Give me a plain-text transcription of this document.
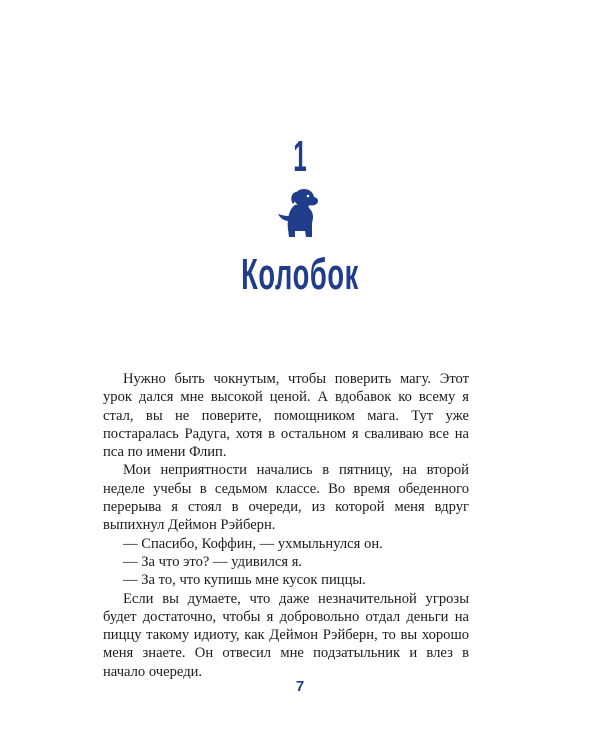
1
Колобок

Нужно быть чокнутым, чтобы поверить магу. Этот урок дался мне высокой ценой. А вдобавок ко всему я стал, вы не поверите, помощником мага. Тут уже постаралась Радуга, хотя в остальном я сваливаю все на пса по имени Флип.

Мои неприятности начались в пятницу, на второй неделе учебы в седьмом классе. Во время обеденного перерыва я стоял в очереди, из которой меня вдруг выпихнул Деймон Рэйберн.

— Спасибо, Коффин, — ухмыльнулся он.

— За что это? — удивился я.

— За то, что купишь мне кусок пиццы.

Если вы думаете, что даже незначительной угрозы будет достаточно, чтобы я добровольно отдал деньги на пиццу такому идиоту, как Деймон Рэйберн, то вы хорошо меня знаете. Он отвесил мне подзатыльник и влез в начало очереди.

7
